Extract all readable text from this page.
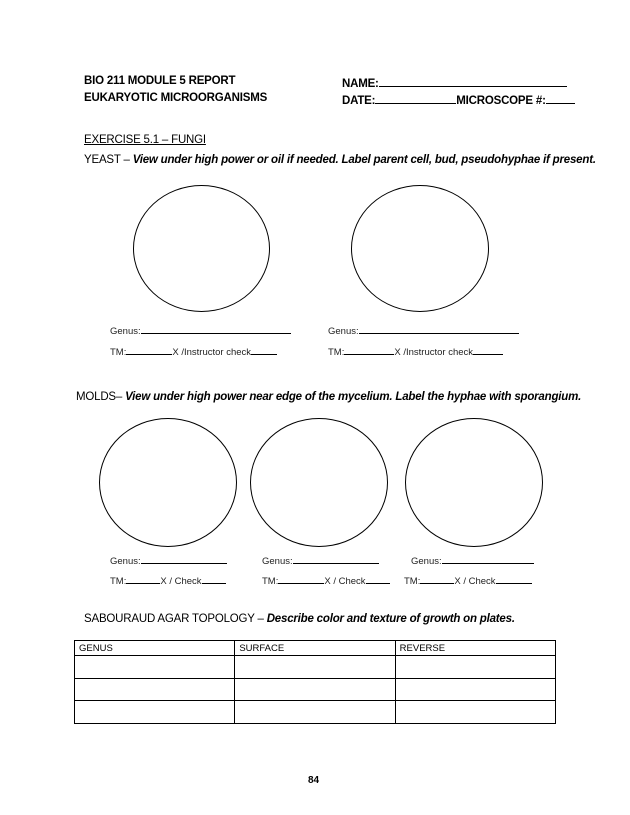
BIO 211 MODULE 5 REPORT
EUKARYOTIC MICROORGANISMS
NAME:
DATE:	MICROSCOPE #:
EXERCISE 5.1 – FUNGI
YEAST – View under high power or oil if needed. Label parent cell, bud, pseudohyphae if present.
Genus:	Genus:
TM:	X /Instructor check	TM:	X /Instructor check
MOLDS– View under high power near edge of the mycelium. Label the hyphae with sporangium.
Genus:	Genus:	Genus:
TM:	X / Check	TM:	X / Check	TM:	X / Check
SABOURAUD AGAR TOPOLOGY – Describe color and texture of growth on plates.
GENUS	SURFACE	REVERSE

84
